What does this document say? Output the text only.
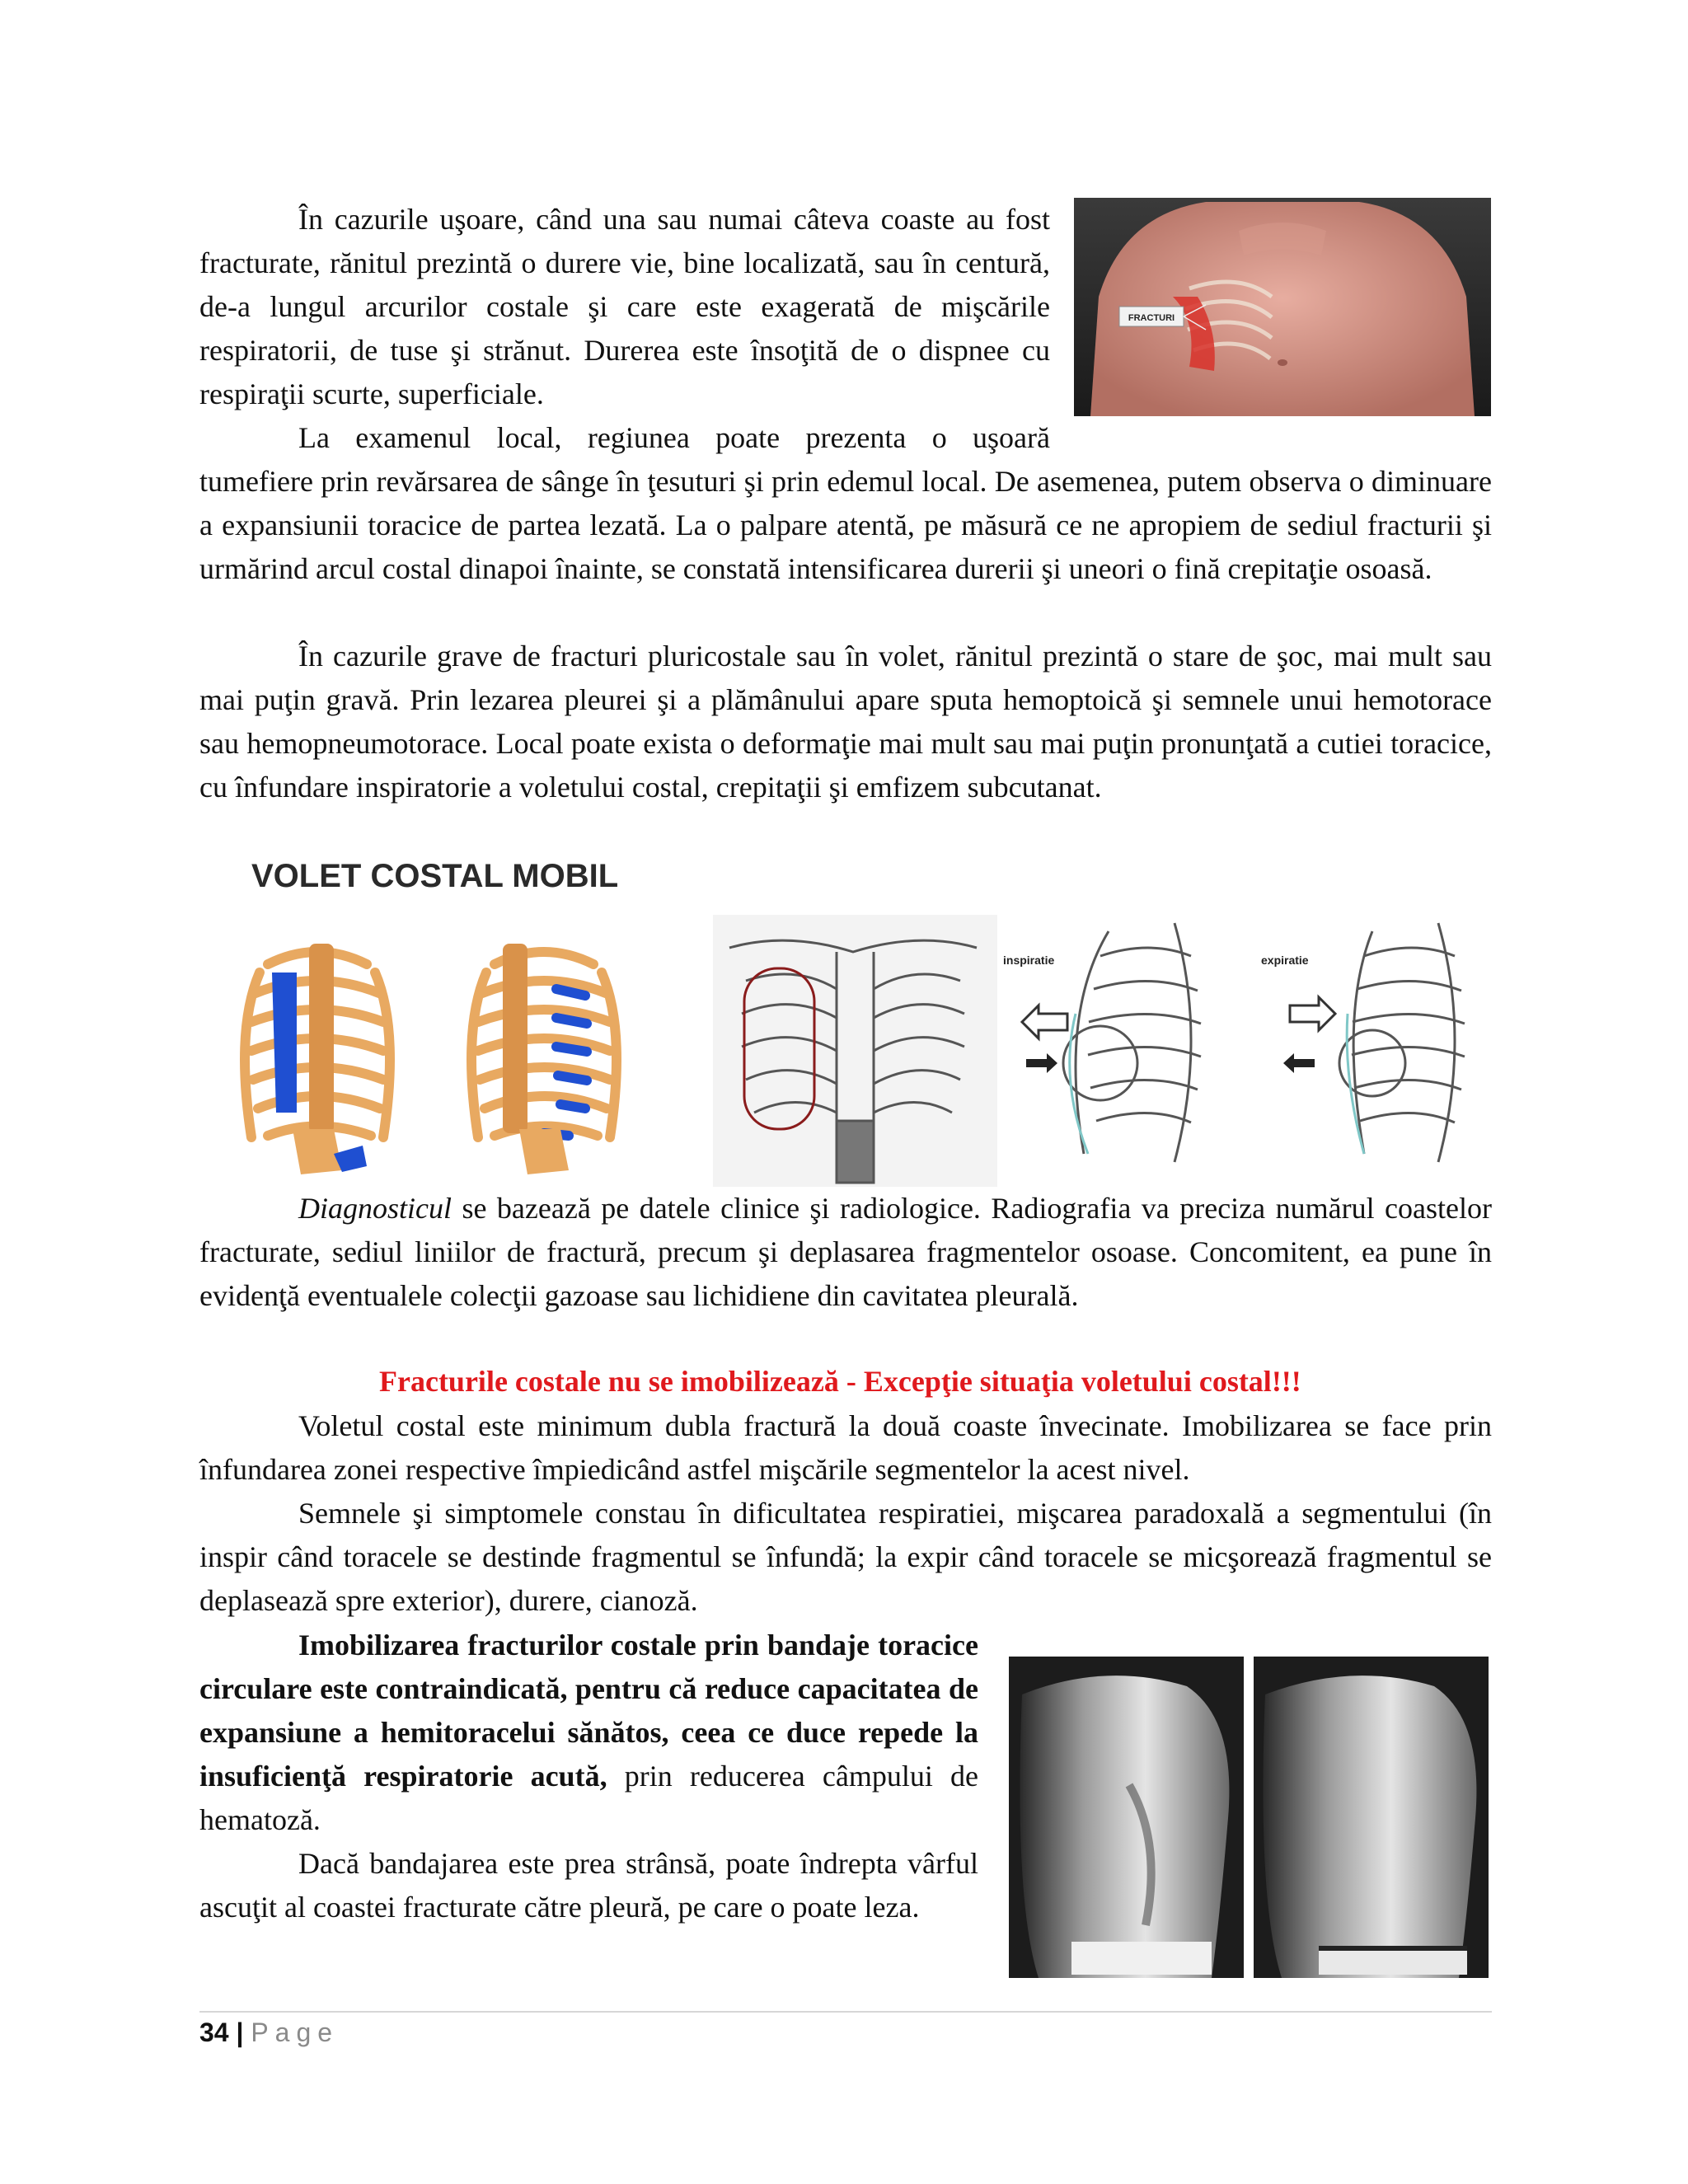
În cazurile uşoare, când una sau numai câteva coaste au fost fracturate, rănitul prezintă o durere vie, bine localizată, sau în centură, de-a lungul arcurilor costale şi care este exagerată de mişcările respiratorii, de tuse şi strănut. Durerea este însoţită de o dispnee cu respiraţii scurte, superficiale.

FRACTURI

La examenul local, regiunea poate prezenta o uşoară

tumefiere prin revărsarea de sânge în ţesuturi şi prin edemul local. De asemenea, putem observa o diminuare a expansiunii toracice de partea lezată. La o palpare atentă, pe măsură ce ne apropiem de sediul fracturii şi urmărind arcul costal dinapoi înainte, se constată intensificarea durerii şi uneori o fină crepitaţie osoasă.

În cazurile grave de fracturi pluricostale sau în volet, rănitul prezintă o stare de şoc, mai mult sau mai puţin gravă. Prin lezarea pleurei şi a plămânului apare sputa hemoptoică şi semnele unui hemotorace sau hemopneumotorace. Local poate exista o deformaţie mai mult sau mai puţin pronunţată a cutiei toracice, cu înfundare inspiratorie a voletului costal, crepitaţii şi emfizem subcutanat.

VOLET COSTAL MOBIL
inspiratie	expiratie

Diagnosticul se bazează pe datele clinice şi radiologice. Radiografia va preciza numărul coastelor fracturate, sediul liniilor de fractură, precum şi deplasarea fragmentelor osoase. Concomitent, ea pune în evidenţă eventualele colecţii gazoase sau lichidiene din cavitatea pleurală.

Fracturile costale nu se imobilizează - Excepţie situaţia voletului costal!!!

Voletul costal este minimum dubla fractură la două coaste învecinate. Imobilizarea se face prin înfundarea zonei respective împiedicând astfel mişcările segmentelor la acest nivel.

Semnele şi simptomele constau în dificultatea respiratiei, mişcarea paradoxală a segmentului (în inspir când toracele se destinde fragmentul se înfundă; la expir când toracele se micşorează fragmentul se deplasează spre exterior), durere, cianoză.

Imobilizarea fracturilor costale prin bandaje toracice circulare este contraindicată, pentru că reduce capacitatea de expansiune a hemitoracelui sănătos, ceea ce duce repede la insuficienţă respiratorie acută, prin reducerea câmpului de hematoză.

Dacă bandajarea este prea strânsă, poate îndrepta vârful ascuţit al coastei fracturate către pleură, pe care o poate leza.

34 | Page
